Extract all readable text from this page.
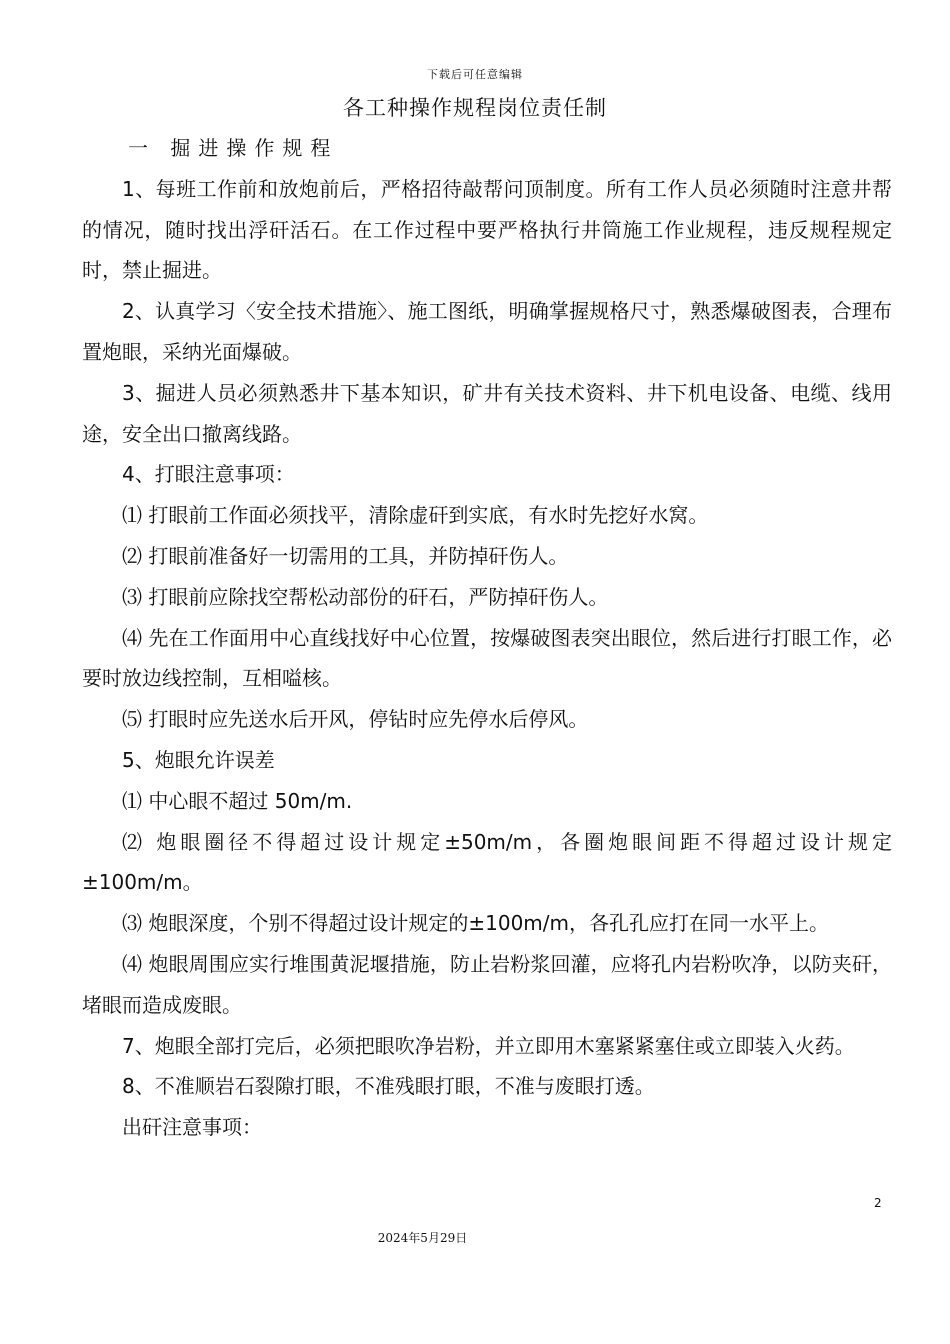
下载后可任意编辑
各工种操作规程岗位责任制

一 掘进操作规程

1、每班工作前和放炮前后，严格招待敲帮问顶制度。所有工作人员必须随时注意井帮的情况，随时找出浮矸活石。在工作过程中要严格执行井筒施工作业规程，违反规程规定时，禁止掘进。

2、认真学习〈安全技术措施〉、施工图纸，明确掌握规格尺寸，熟悉爆破图表，合理布置炮眼，采纳光面爆破。

3、掘进人员必须熟悉井下基本知识，矿井有关技术资料、井下机电设备、电缆、线用途，安全出口撤离线路。

4、打眼注意事项：

⑴ 打眼前工作面必须找平，清除虚矸到实底，有水时先挖好水窝。

⑵ 打眼前准备好一切需用的工具，并防掉矸伤人。

⑶ 打眼前应除找空帮松动部份的矸石，严防掉矸伤人。

⑷ 先在工作面用中心直线找好中心位置，按爆破图表突出眼位，然后进行打眼工作，必要时放边线控制，互相嗌核。

⑸ 打眼时应先送水后开风，停钻时应先停水后停风。

5、炮眼允许误差

⑴ 中心眼不超过 50m/m.

⑵ 炮眼圈径不得超过设计规定±50m/m，各圈炮眼间距不得超过设计规定±100m/m。

⑶ 炮眼深度，个别不得超过设计规定的±100m/m，各孔孔应打在同一水平上。

⑷ 炮眼周围应实行堆围黄泥堰措施，防止岩粉浆回灌，应将孔内岩粉吹净，以防夹矸，堵眼而造成废眼。

7、炮眼全部打完后，必须把眼吹净岩粉，并立即用木塞紧紧塞住或立即装入火药。

8、不准顺岩石裂隙打眼，不准残眼打眼，不准与废眼打透。

出矸注意事项：

2
2024年5月29日
